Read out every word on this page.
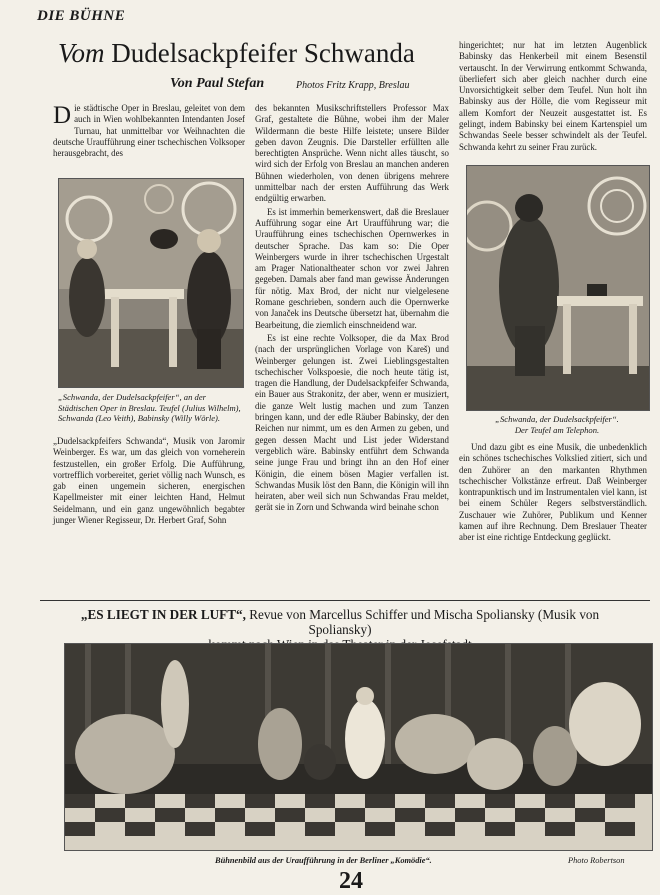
DIE BÜHNE
Vom Dudelsackpfeifer Schwanda
Von Paul Stefan	Photos Fritz Krapp, Breslau
D ie städtische Oper in Breslau, geleitet von dem auch in Wien wohlbekannten Intendanten Josef Turnau, hat unmittelbar vor Weihnachten die deutsche Uraufführung einer tschechischen Volksoper herausgebracht, des

„Schwanda, der Dudelsackpfeifer“, an der Städtischen Oper in Breslau. Teufel (Julius Wilhelm), Schwanda (Leo Veith), Babinsky (Willy Wörle).

„Dudelsackpfeifers Schwanda“, Musik von Jaromir Weinberger. Es war, um das gleich von vorneherein festzustellen, ein großer Erfolg. Die Aufführung, vortrefflich vorbereitet, geriet völlig nach Wunsch, es gab einen ungemein sicheren, energischen Kapellmeister mit einer leichten Hand, Helmut Seidelmann, und ein ganz ungewöhnlich begabter junger Wiener Regisseur, Dr. Herbert Graf, Sohn

des bekannten Musikschriftstellers Professor Max Graf, gestaltete die Bühne, wobei ihm der Maler Wildermann die beste Hilfe leistete; unsere Bilder geben davon Zeugnis. Die Darsteller erfüllten alle berechtigten Ansprüche. Wenn nicht alles täuscht, so wird sich der Erfolg von Breslau an manchen anderen Bühnen wiederholen, von denen übrigens mehrere unmittelbar nach der ersten Aufführung das Werk endgültig erwarben.

Es ist immerhin bemerkenswert, daß die Breslauer Aufführung sogar eine Art Uraufführung war; die Uraufführung eines tschechischen Opernwerkes in deutscher Sprache. Das kam so: Die Oper Weinbergers wurde in ihrer tschechischen Urgestalt am Prager Nationaltheater schon vor zwei Jahren gegeben. Damals aber fand man gewisse Änderungen für nötig. Max Brod, der nicht nur vielgelesene Romane geschrieben, sondern auch die Opernwerke von Janaček ins Deutsche übersetzt hat, übernahm die Bearbeitung, die ziemlich einschneidend war.

Es ist eine rechte Volksoper, die da Max Brod (nach der ursprünglichen Vorlage von Kareš) und Weinberger gelungen ist. Zwei Lieblingsgestalten tschechischer Volkspoesie, die noch heute tätig ist, tragen die Handlung, der Dudelsackpfeifer Schwanda, ein Bauer aus Strakonitz, der aber, wenn er musiziert, die ganze Welt lustig machen und zum Tanzen bringen kann, und der edle Räuber Babinsky, der den Reichen nur nimmt, um es den Armen zu geben, und gegen dessen Macht und List jeder Widerstand vergeblich wäre. Babinsky entführt dem Schwanda seine junge Frau und bringt ihn an den Hof einer Königin, die einem bösen Magier verfallen ist. Schwandas Musik löst den Bann, die Königin will ihn heiraten, aber weil sich nun Schwandas Frau meldet, gerät sie in Zorn und Schwanda wird beinahe schon

hingerichtet; nur hat im letzten Augenblick Babinsky das Henkerbeil mit einem Besenstil vertauscht. In der Verwirrung entkommt Schwanda, überliefert sich aber gleich nachher durch eine Unvorsichtigkeit selber dem Teufel. Nun holt ihn Babinsky aus der Hölle, die vom Regisseur mit allem Komfort der Neuzeit ausgestattet ist. Es gelingt, indem Babinsky bei einem Kartenspiel um Schwandas Seele besser schwindelt als der Teufel. Schwanda kehrt zu seiner Frau zurück.

„Schwanda, der Dudelsackpfeifer“.
Der Teufel am Telephon.

Und dazu gibt es eine Musik, die unbedenklich ein schönes tschechisches Volkslied zitiert, sich und den Zuhörer an den markanten Rhythmen tschechischer Volkstänze erfreut. Daß Weinberger kontrapunktisch und im Instrumentalen viel kann, ist bei einem Schüler Regers selbstverständlich. Zuschauer wie Zuhörer, Publikum und Kenner kamen auf ihre Rechnung. Dem Breslauer Theater aber ist eine richtige Entdeckung geglückt.

„ES LIEGT IN DER LUFT“, Revue von Marcellus Schiffer und Mischa Spoliansky (Musik von Spoliansky)

Bühnenbild aus der Uraufführung in der Berliner „Komödie“.	Photo Robertson
24
